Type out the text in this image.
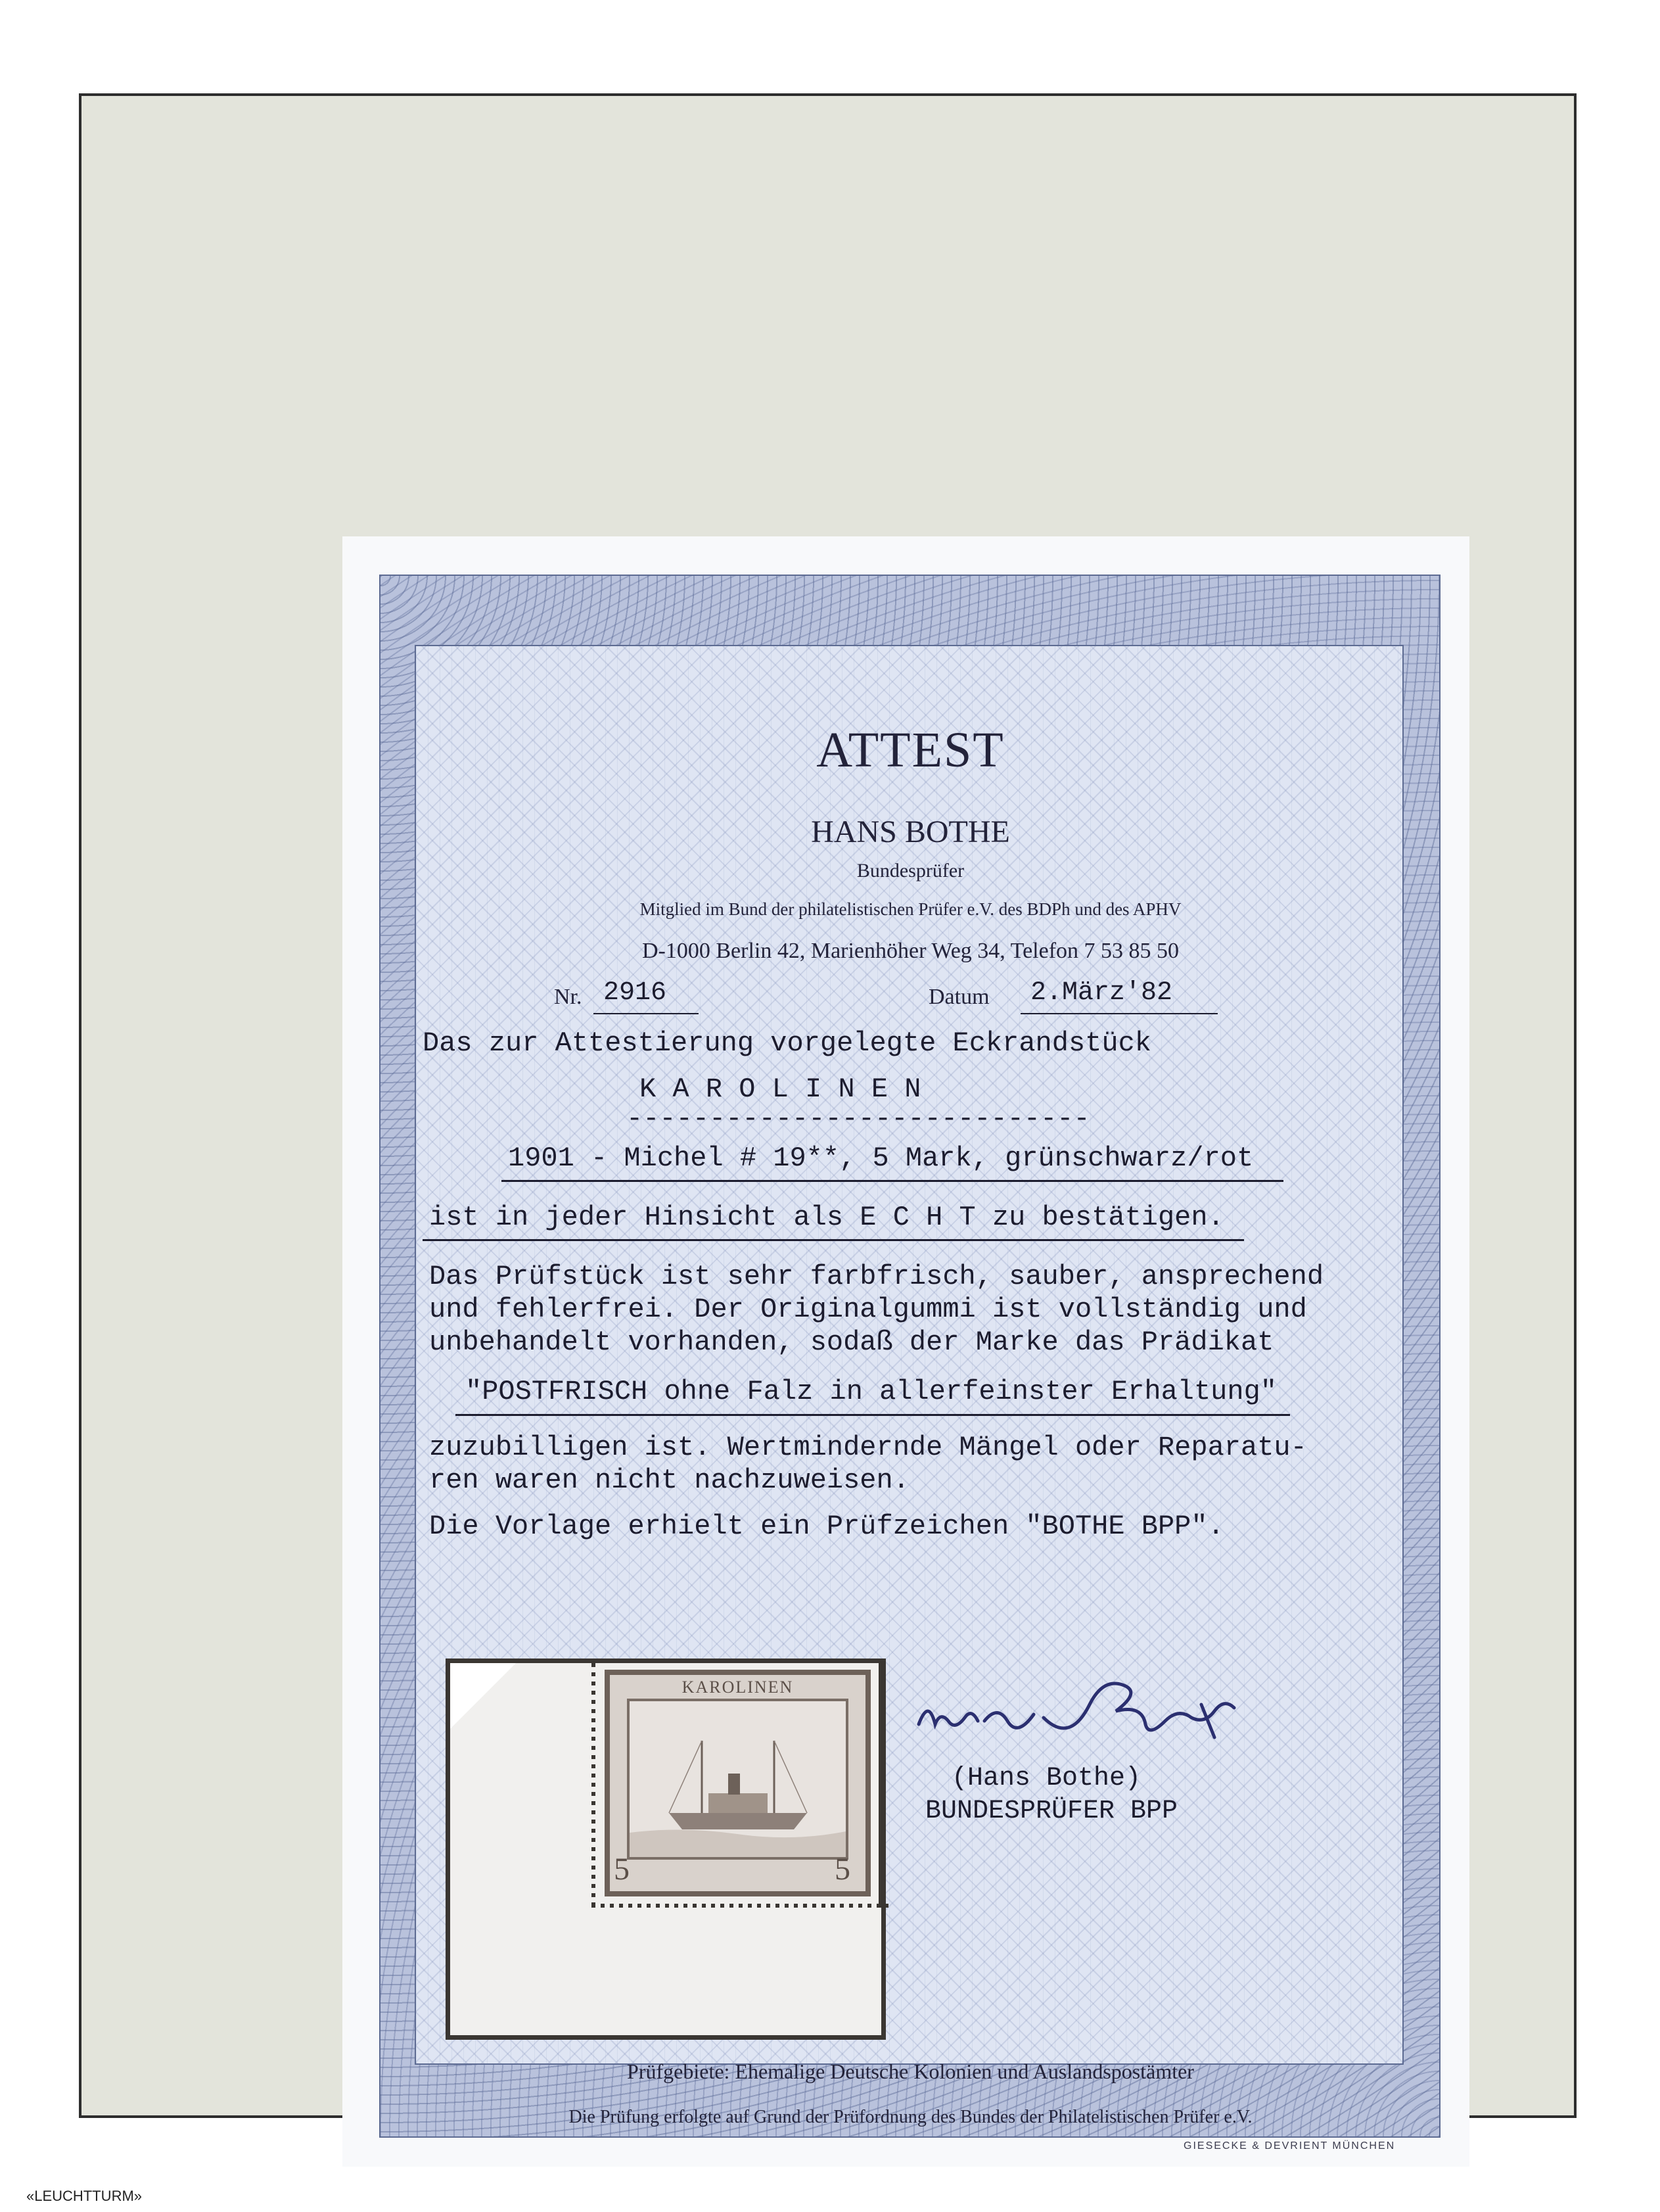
ATTEST
HANS BOTHE
Bundesprüfer
Mitglied im Bund der philatelistischen Prüfer e.V. des BDPh und des APHV
D-1000 Berlin 42, Marienhöher Weg 34, Telefon 7 53 85 50
Nr. 2916	Datum 2.März'82
Das zur Attestierung vorgelegte Eckrandstück
K A R O L I N E N
----------------------------
1901 - Michel # 19**, 5 Mark, grünschwarz/rot
ist in jeder Hinsicht als E C H T zu bestätigen.
Das Prüfstück ist sehr farbfrisch, sauber, ansprechend
und fehlerfrei. Der Originalgummi ist vollständig und
unbehandelt vorhanden, sodaß der Marke das Prädikat
"POSTFRISCH ohne Falz in allerfeinster Erhaltung"
zuzubilligen ist. Wertmindernde Mängel oder Reparatu-
ren waren nicht nachzuweisen.
Die Vorlage erhielt ein Prüfzeichen "BOTHE BPP".
KAROLINEN
5	5
(Hans Bothe)
BUNDESPRÜFER BPP
Prüfgebiete: Ehemalige Deutsche Kolonien und Auslandspostämter
Die Prüfung erfolgte auf Grund der Prüfordnung des Bundes der Philatelistischen Prüfer e.V.
GIESECKE & DEVRIENT MÜNCHEN
«LEUCHTTURM»
